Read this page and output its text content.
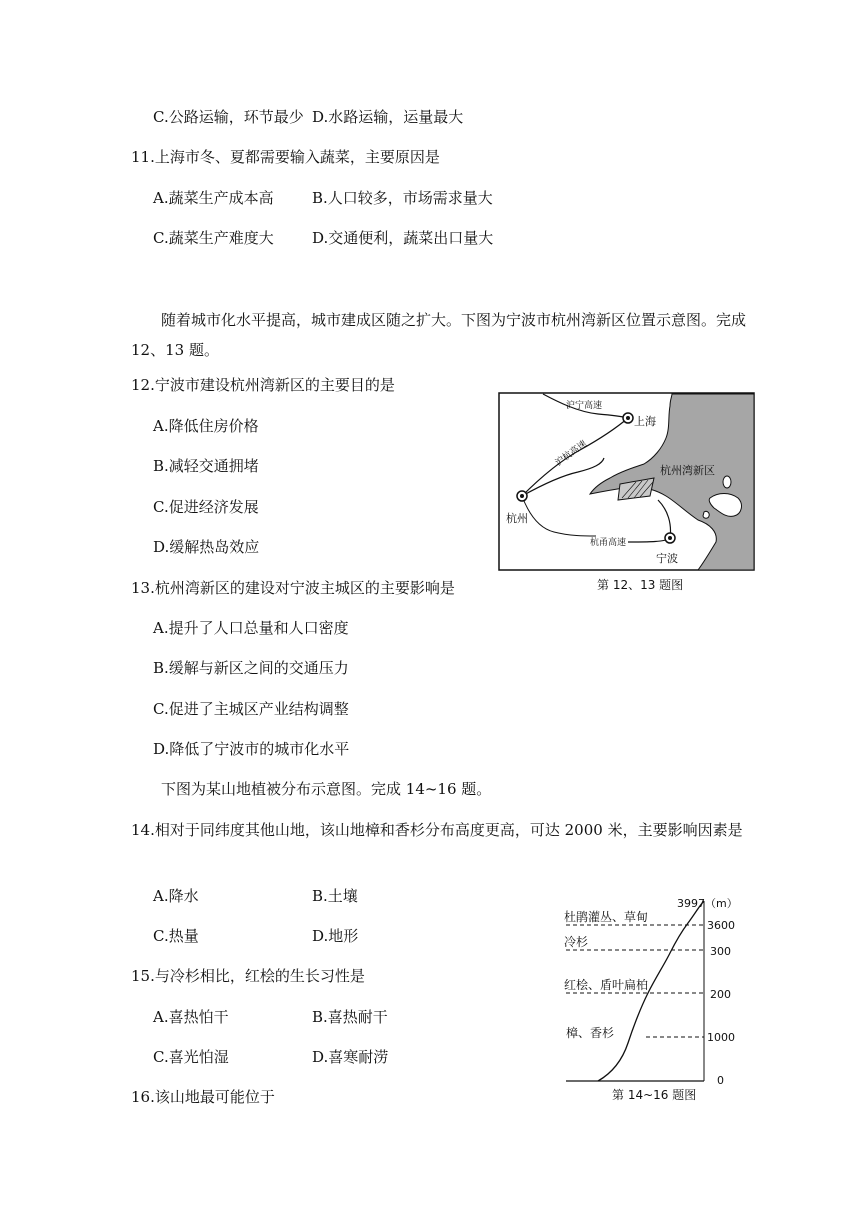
C.公路运输，环节最少 D.水路运输，运量最大
11.上海市冬、夏都需要输入蔬菜，主要原因是
A.蔬菜生产成本高	B.人口较多，市场需求量大
C.蔬菜生产难度大	D.交通便利，蔬菜出口量大
随着城市化水平提高，城市建成区随之扩大。下图为宁波市杭州湾新区位置示意图。完成 12、13 题。
12.宁波市建设杭州湾新区的主要目的是
A.降低住房价格
B.减轻交通拥堵
C.促进经济发展
D.缓解热岛效应
沪宁高速
上海
沪杭高速
杭州湾新区
杭州
杭甬高速
宁波
第 12、13 题图
13.杭州湾新区的建设对宁波主城区的主要影响是
A.提升了人口总量和人口密度
B.缓解与新区之间的交通压力
C.促进了主城区产业结构调整
D.降低了宁波市的城市化水平
下图为某山地植被分布示意图。完成 14~16 题。
14.相对于同纬度其他山地，该山地樟和香杉分布高度更高，可达 2000 米，主要影响因素是
A.降水	B.土壤
C.热量	D.地形
15.与冷杉相比，红桧的生长习性是
A.喜热怕干	B.喜热耐干
C.喜光怕湿	D.喜寒耐涝
16.该山地最可能位于
3997（m）
3600
300
200
1000
0
杜鹃灌丛、草甸
冷杉
红桧、盾叶扁柏
樟、香杉
第 14~16 题图
